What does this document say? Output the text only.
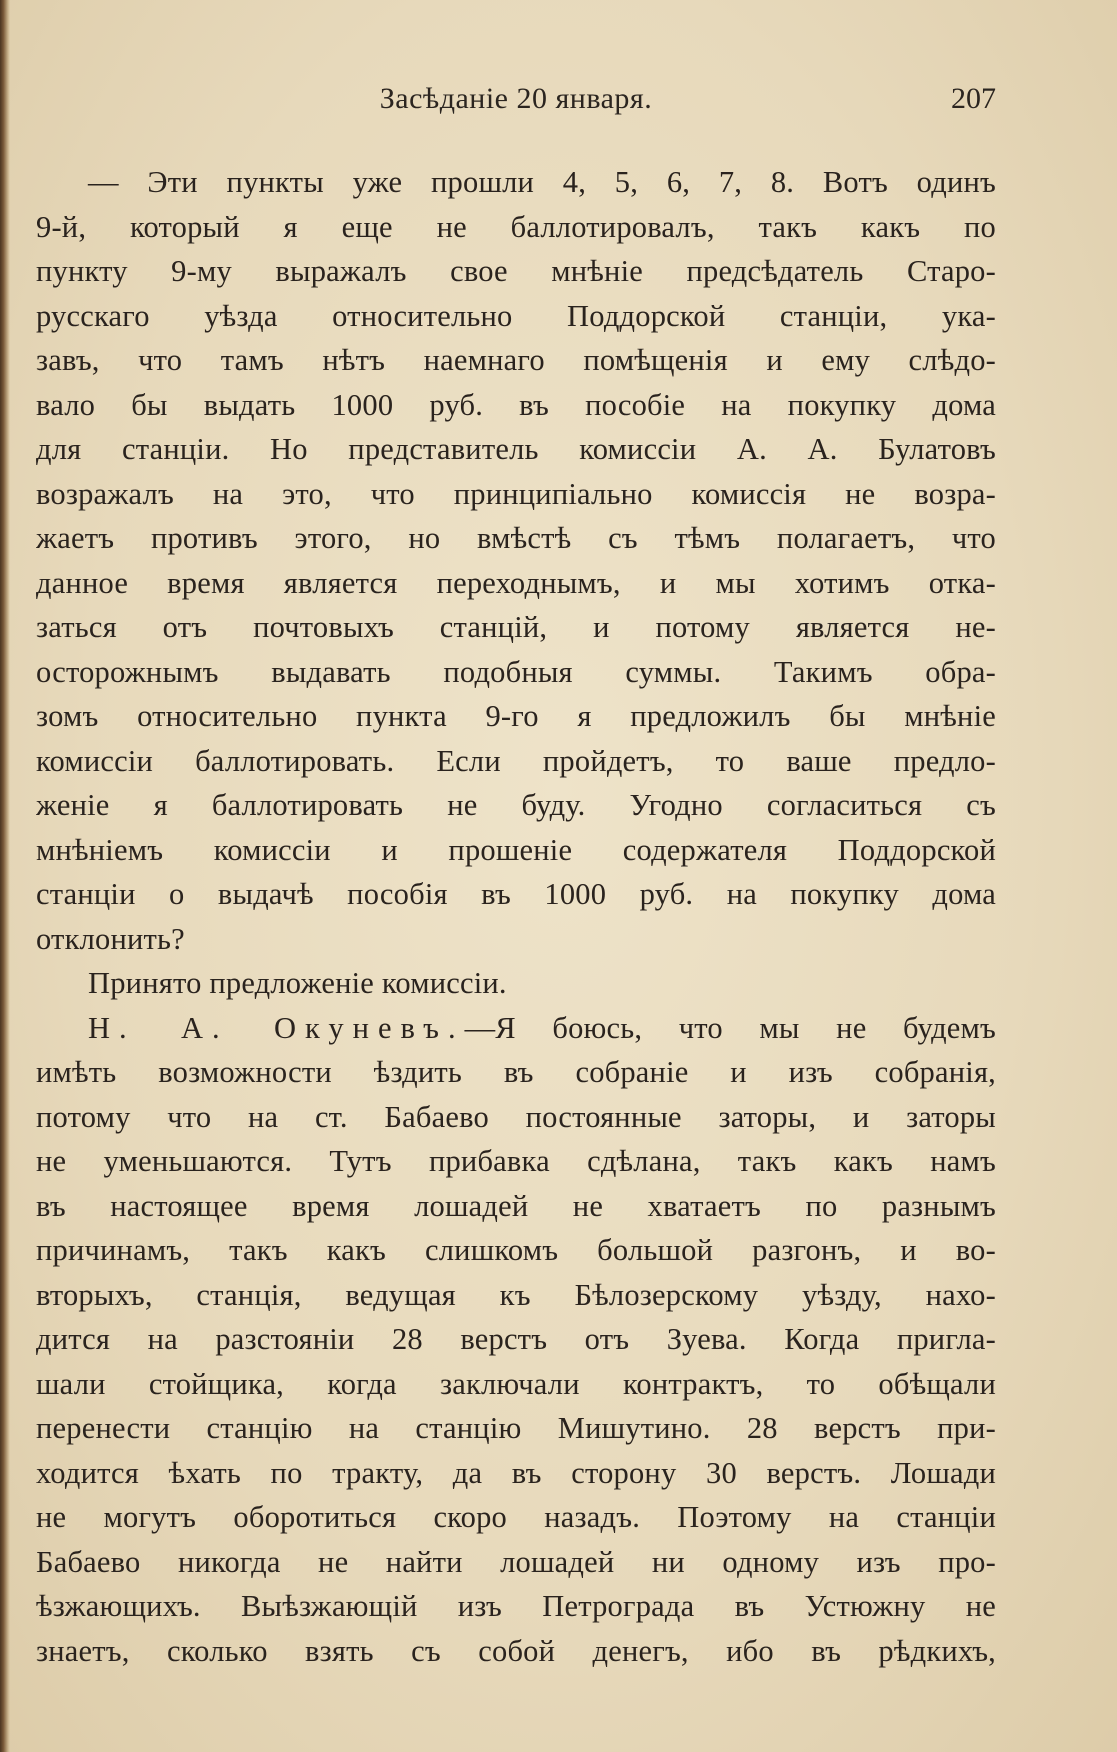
Засѣданіе 20 января.	207
— Эти пункты уже прошли 4, 5, 6, 7, 8. Вотъ одинъ
9-й, который я еще не баллотировалъ, такъ какъ по
пункту 9-му выражалъ свое мнѣніе предсѣдатель Старо-
русскаго уѣзда относительно Поддорской станціи, ука-
завъ, что тамъ нѣтъ наемнаго помѣщенія и ему слѣдо-
вало бы выдать 1000 руб. въ пособіе на покупку дома
для станціи. Но представитель комиссіи А. А. Булатовъ
возражалъ на это, что принципіально комиссія не возра-
жаетъ противъ этого, но вмѣстѣ съ тѣмъ полагаетъ, что
данное время является переходнымъ, и мы хотимъ отка-
заться отъ почтовыхъ станцій, и потому является не-
осторожнымъ выдавать подобныя суммы. Такимъ обра-
зомъ относительно пункта 9-го я предложилъ бы мнѣніе
комиссіи баллотировать. Если пройдетъ, то ваше предло-
женіе я баллотировать не буду. Угодно согласиться съ
мнѣніемъ комиссіи и прошеніе содержателя Поддорской
станціи о выдачѣ пособія въ 1000 руб. на покупку дома
отклонить?
Принято предложеніе комиссіи.
Н. А. Окуневъ.—Я боюсь, что мы не будемъ
имѣть возможности ѣздить въ собраніе и изъ собранія,
потому что на ст. Бабаево постоянные заторы, и заторы
не уменьшаются. Тутъ прибавка сдѣлана, такъ какъ намъ
въ настоящее время лошадей не хватаетъ по разнымъ
причинамъ, такъ какъ слишкомъ большой разгонъ, и во-
вторыхъ, станція, ведущая къ Бѣлозерскому уѣзду, нахо-
дится на разстояніи 28 верстъ отъ Зуева. Когда пригла-
шали стойщика, когда заключали контрактъ, то обѣщали
перенести станцію на станцію Мишутино. 28 верстъ при-
ходится ѣхать по тракту, да въ сторону 30 верстъ. Лошади
не могутъ оборотиться скоро назадъ. Поэтому на станціи
Бабаево никогда не найти лошадей ни одному изъ про-
ѣзжающихъ. Выѣзжающій изъ Петрограда въ Устюжну не
знаетъ, сколько взять съ собой денегъ, ибо въ рѣдкихъ,
